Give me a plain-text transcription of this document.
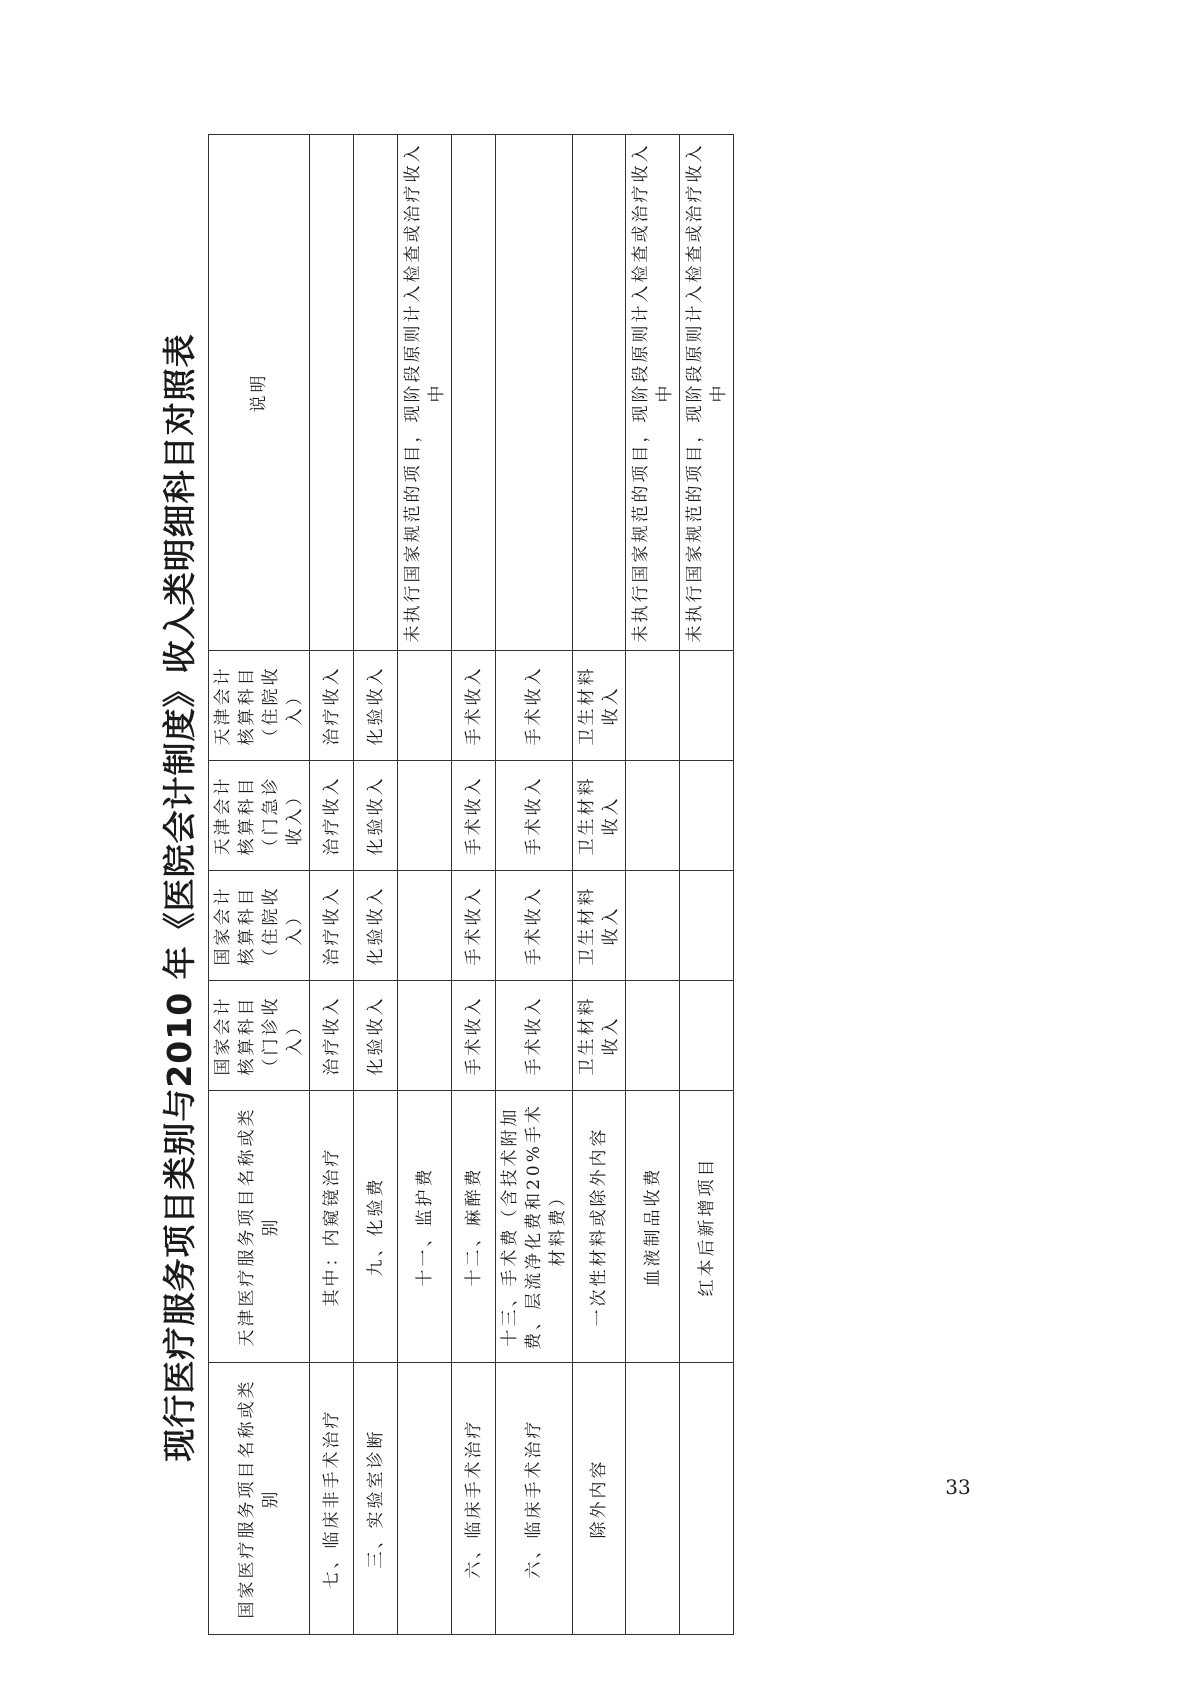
现行医疗服务项目类别与2010 年《医院会计制度》收入类明细科目对照表
国家医疗服务项目名称或类别	天津医疗服务项目名称或类别	国家会计核算科目（门诊收入）	国家会计核算科目（住院收入）	天津会计核算科目（门急诊收入）	天津会计核算科目（住院收入）	说明
七、临床非手术治疗	其中：内窥镜治疗	治疗收入	治疗收入	治疗收入	治疗收入	
三、实验室诊断	九、化验费	化验收入	化验收入	化验收入	化验收入	
	十一、监护费					未执行国家规范的项目，现阶段原则计入检查或治疗收入中
六、临床手术治疗	十二、麻醉费	手术收入	手术收入	手术收入	手术收入	
六、临床手术治疗	十三、手术费（含技术附加费、层流净化费和20%手术材料费）	手术收入	手术收入	手术收入	手术收入	
除外内容	一次性材料或除外内容	卫生材料收入	卫生材料收入	卫生材料收入	卫生材料收入	
	血液制品收费					未执行国家规范的项目，现阶段原则计入检查或治疗收入中
	红本后新增项目					未执行国家规范的项目，现阶段原则计入检查或治疗收入中
33
